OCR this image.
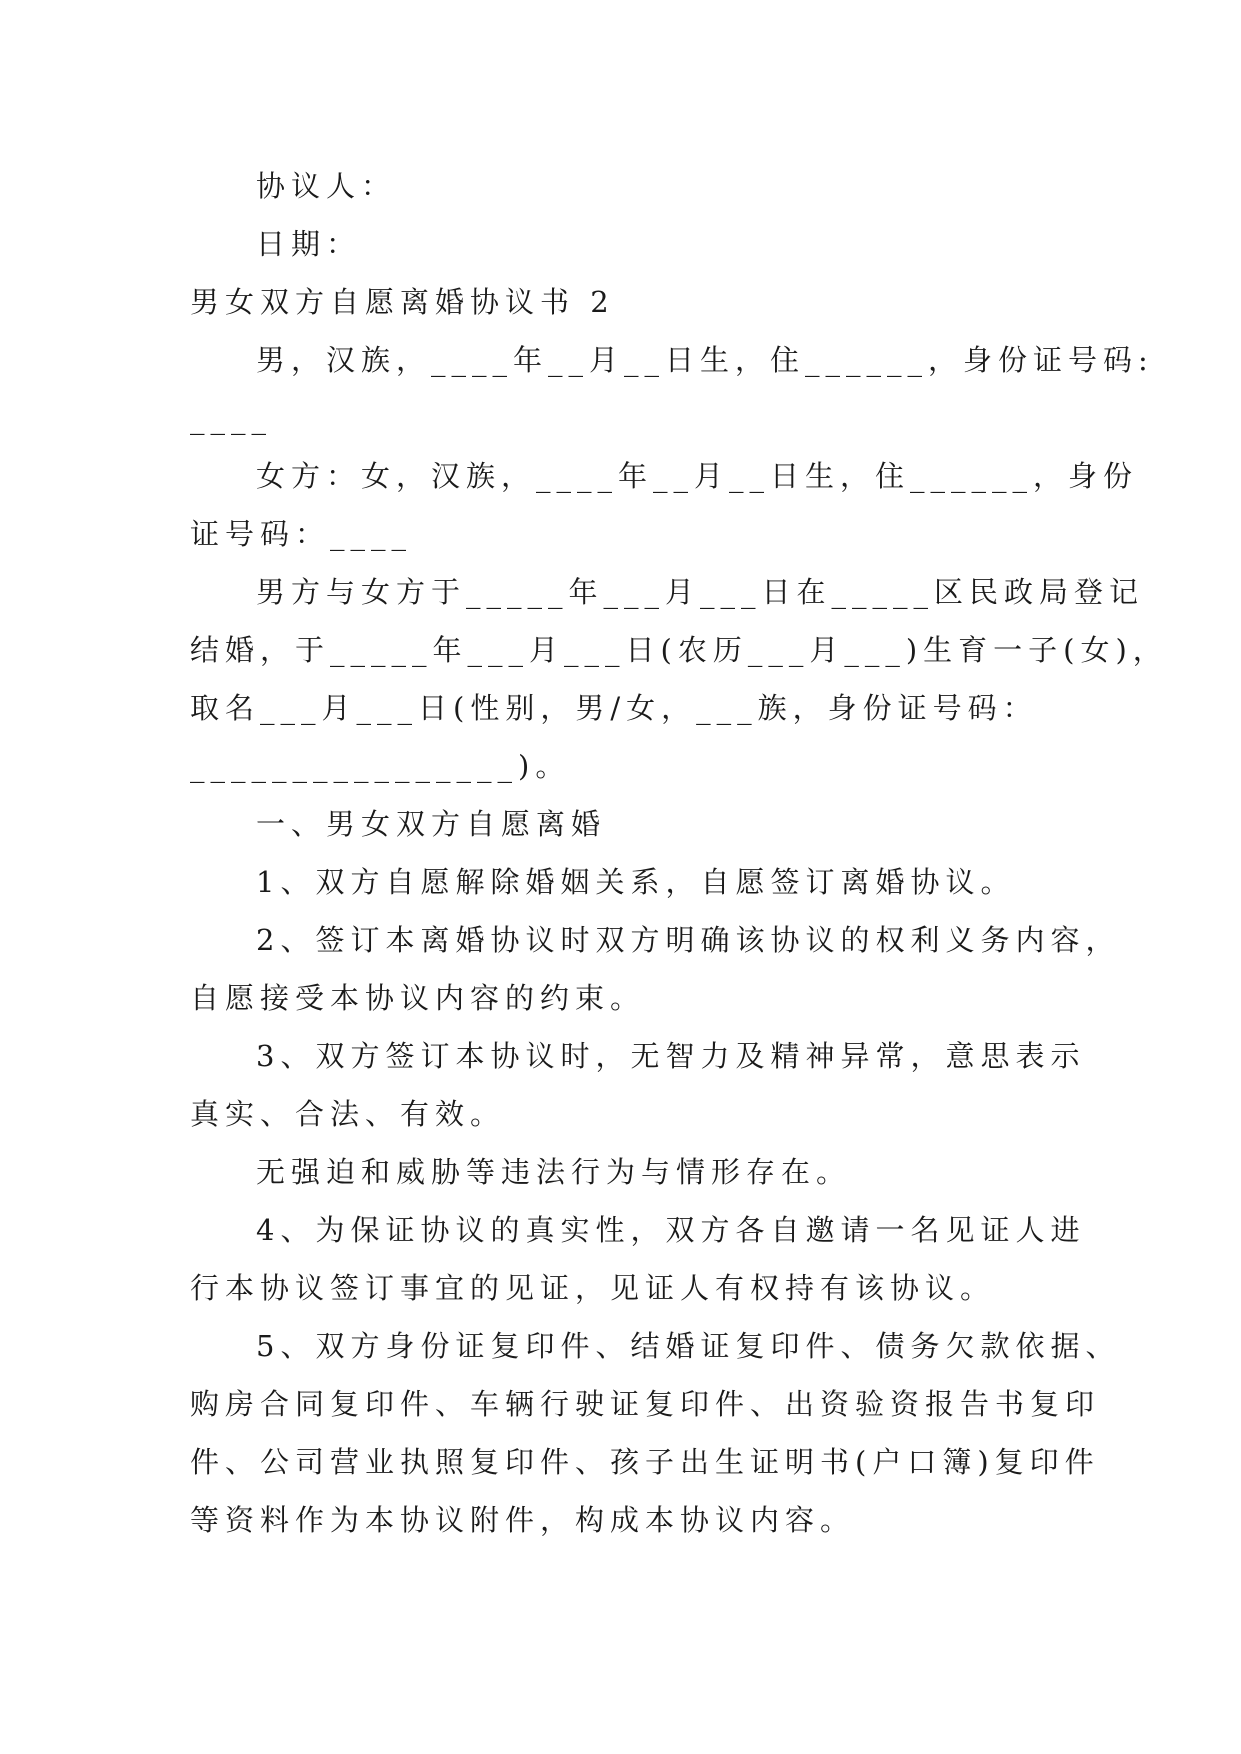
协议人：
日期：
男女双方自愿离婚协议书 2
男，汉族，____年__月__日生，住______，身份证号码:
____
女方：女，汉族，____年__月__日生，住______，身份
证号码：____
男方与女方于_____年___月___日在_____区民政局登记
结婚，于_____年___月___日(农历___月___)生育一子(女)，
取名___月___日(性别，男/女，___族，身份证号码：
________________)。
一、男女双方自愿离婚
1、双方自愿解除婚姻关系，自愿签订离婚协议。
2、签订本离婚协议时双方明确该协议的权利义务内容，
自愿接受本协议内容的约束。
3、双方签订本协议时，无智力及精神异常，意思表示
真实、合法、有效。
无强迫和威胁等违法行为与情形存在。
4、为保证协议的真实性，双方各自邀请一名见证人进
行本协议签订事宜的见证，见证人有权持有该协议。
5、双方身份证复印件、结婚证复印件、债务欠款依据、
购房合同复印件、车辆行驶证复印件、出资验资报告书复印
件、公司营业执照复印件、孩子出生证明书(户口簿)复印件
等资料作为本协议附件，构成本协议内容。
